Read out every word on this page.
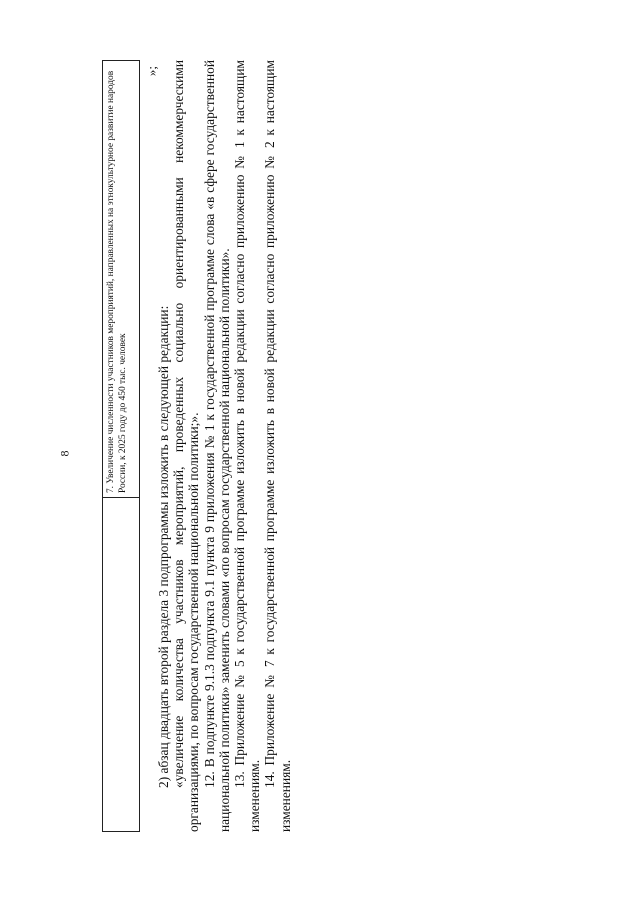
8
		7. Увеличение численности участников мероприятий, направленных на этнокультурное развитие народов России, к 2025 году до 450 тыс. человек
»;

2) абзац двадцать второй раздела 3 подпрограммы изложить в следующей редакции: «увеличение количества участников мероприятий, проведенных социально ориентированными некоммерческими организациями, по вопросам государственной национальной политики;». 12. В подпункте 9.1.3 подпункта 9.1 пункта 9 приложения № 1 к государственной программе слова «в сфере государственной национальной политики» заменить словами «по вопросам государственной национальной политики». 13. Приложение № 5 к государственной программе изложить в новой редакции согласно приложению № 1 к настоящим изменениям.

14. Приложение № 7 к государственной программе изложить в новой редакции согласно приложению № 2 к настоящим изменениям.
